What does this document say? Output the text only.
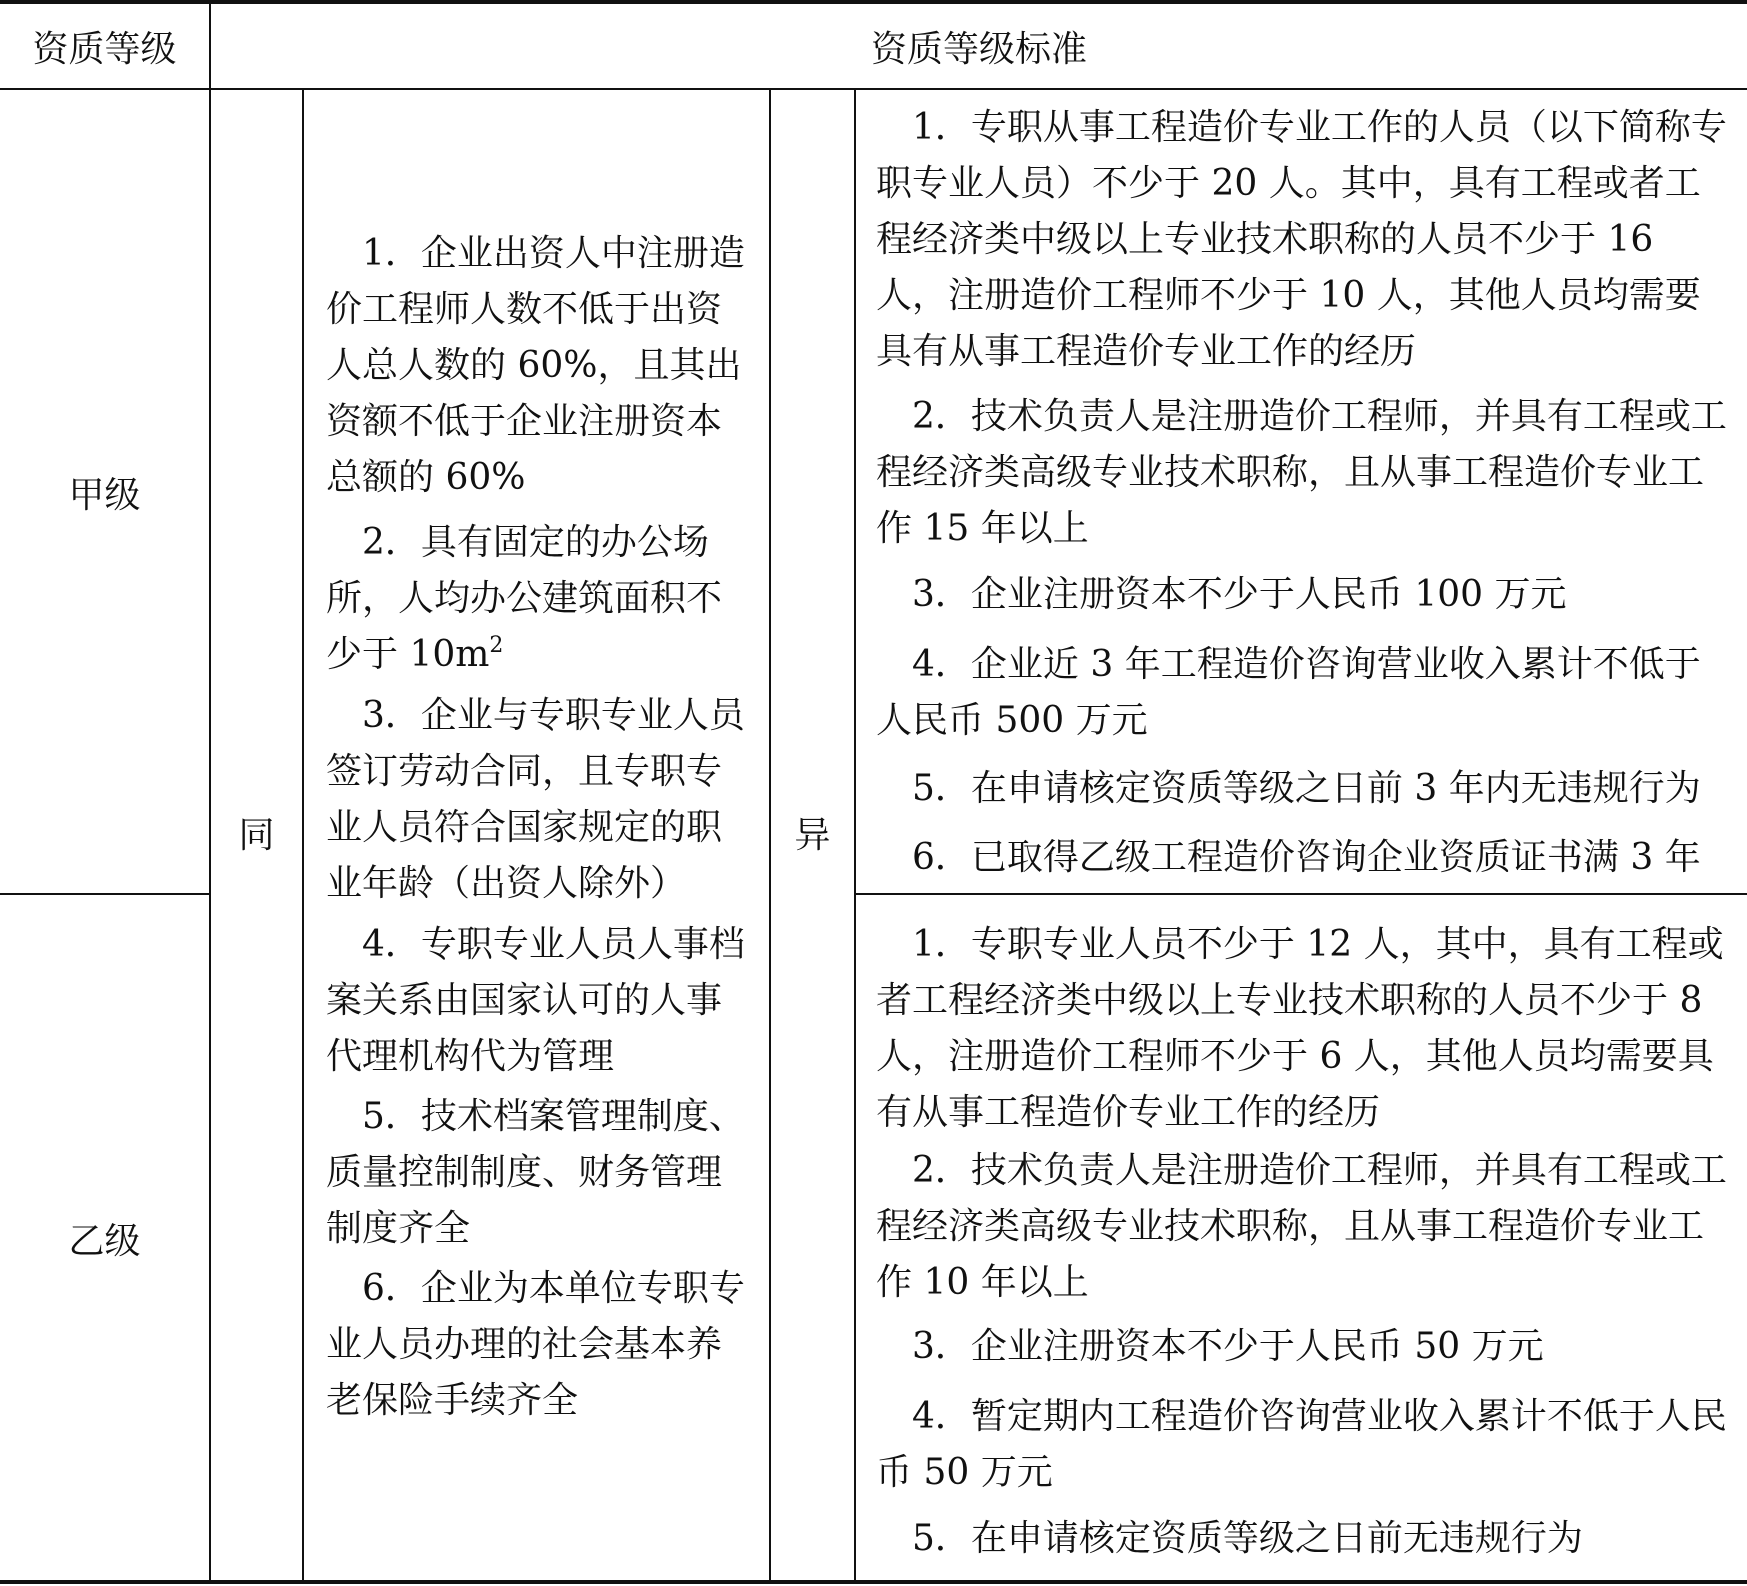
资质等级	资质等级标准
甲级
乙级
同	异

1．企业出资人中注册造价工程师人数不低于出资人总人数的 60%，且其出资额不低于企业注册资本总额的 60%

2．具有固定的办公场所，人均办公建筑面积不少于 $10m^2$

3．企业与专职专业人员签订劳动合同，且专职专业人员符合国家规定的职业年龄（出资人除外）

4．专职专业人员人事档案关系由国家认可的人事代理机构代为管理

5．技术档案管理制度、质量控制制度、财务管理制度齐全

6．企业为本单位专职专业人员办理的社会基本养老保险手续齐全

1．专职从事工程造价专业工作的人员（以下简称专职专业人员）不少于 20 人。其中，具有工程或者工程经济类中级以上专业技术职称的人员不少于 16 人，注册造价工程师不少于 10 人，其他人员均需要具有从事工程造价专业工作的经历

2．技术负责人是注册造价工程师，并具有工程或工程经济类高级专业技术职称，且从事工程造价专业工作 15 年以上

3．企业注册资本不少于人民币 100 万元

4．企业近 3 年工程造价咨询营业收入累计不低于人民币 500 万元

5．在申请核定资质等级之日前 3 年内无违规行为

6．已取得乙级工程造价咨询企业资质证书满 3 年

1．专职专业人员不少于 12 人，其中，具有工程或者工程经济类中级以上专业技术职称的人员不少于 8 人，注册造价工程师不少于 6 人，其他人员均需要具有从事工程造价专业工作的经历

2．技术负责人是注册造价工程师，并具有工程或工程经济类高级专业技术职称，且从事工程造价专业工作 10 年以上

3．企业注册资本不少于人民币 50 万元

4．暂定期内工程造价咨询营业收入累计不低于人民币 50 万元

5．在申请核定资质等级之日前无违规行为
